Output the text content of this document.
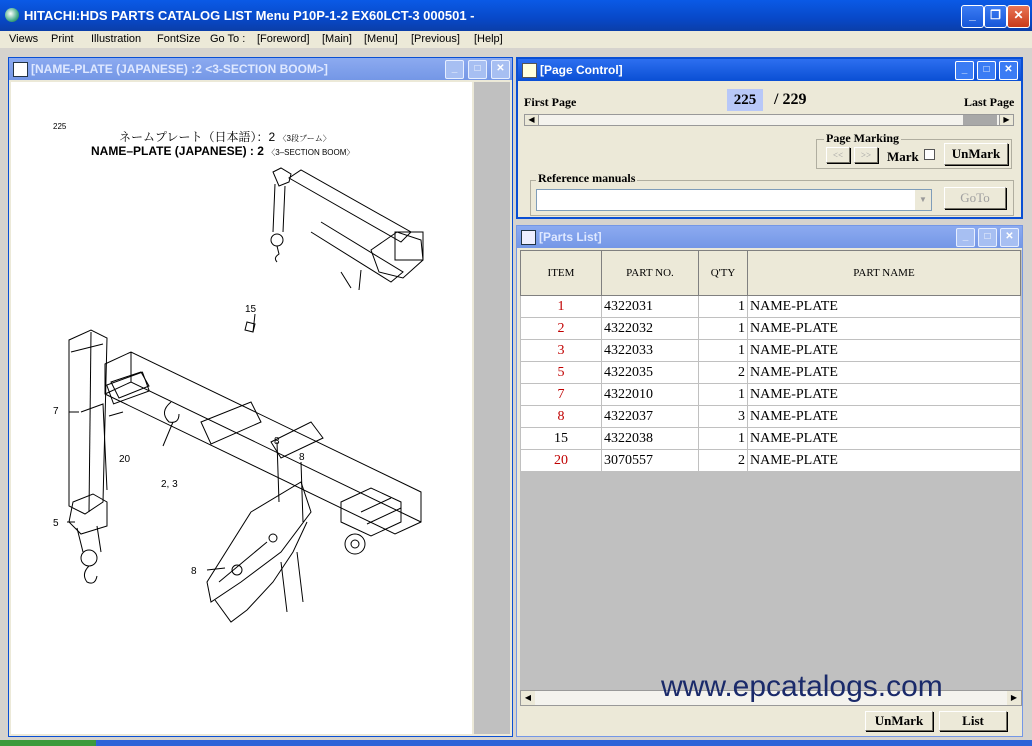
HITACHI:HDS PARTS CATALOG LIST Menu P10P-1-2 EX60LCT-3 000501 -	_	❐	✕
Views Print Illustration FontSize Go To : [Foreword] [Main] [Menu] [Previous] [Help]
[NAME-PLATE (JAPANESE) :2 <3-SECTION BOOM>]	_	□	✕
225
ネームプレート（日本語）：2 〈3段ブーム〉
NAME–PLATE (JAPANESE) : 2 〈3–SECTION BOOM〉
15
7
20
2, 3
5
8
8
8
[Page Control]	_	□	✕
First Page	225	/ 229	Last Page
◀	▶
Page Marking
<<	>>	Mark	UnMark
Reference manuals
▼	GoTo
[Parts List]	_	□	✕
ITEM	PART NO.	Q'TY	PART NAME
1	4322031	1	NAME-PLATE
2	4322032	1	NAME-PLATE
3	4322033	1	NAME-PLATE
5	4322035	2	NAME-PLATE
7	4322010	1	NAME-PLATE
8	4322037	3	NAME-PLATE
15	4322038	1	NAME-PLATE
20	3070557	2	NAME-PLATE
◀	▶
www.epcatalogs.com
UnMark	List
